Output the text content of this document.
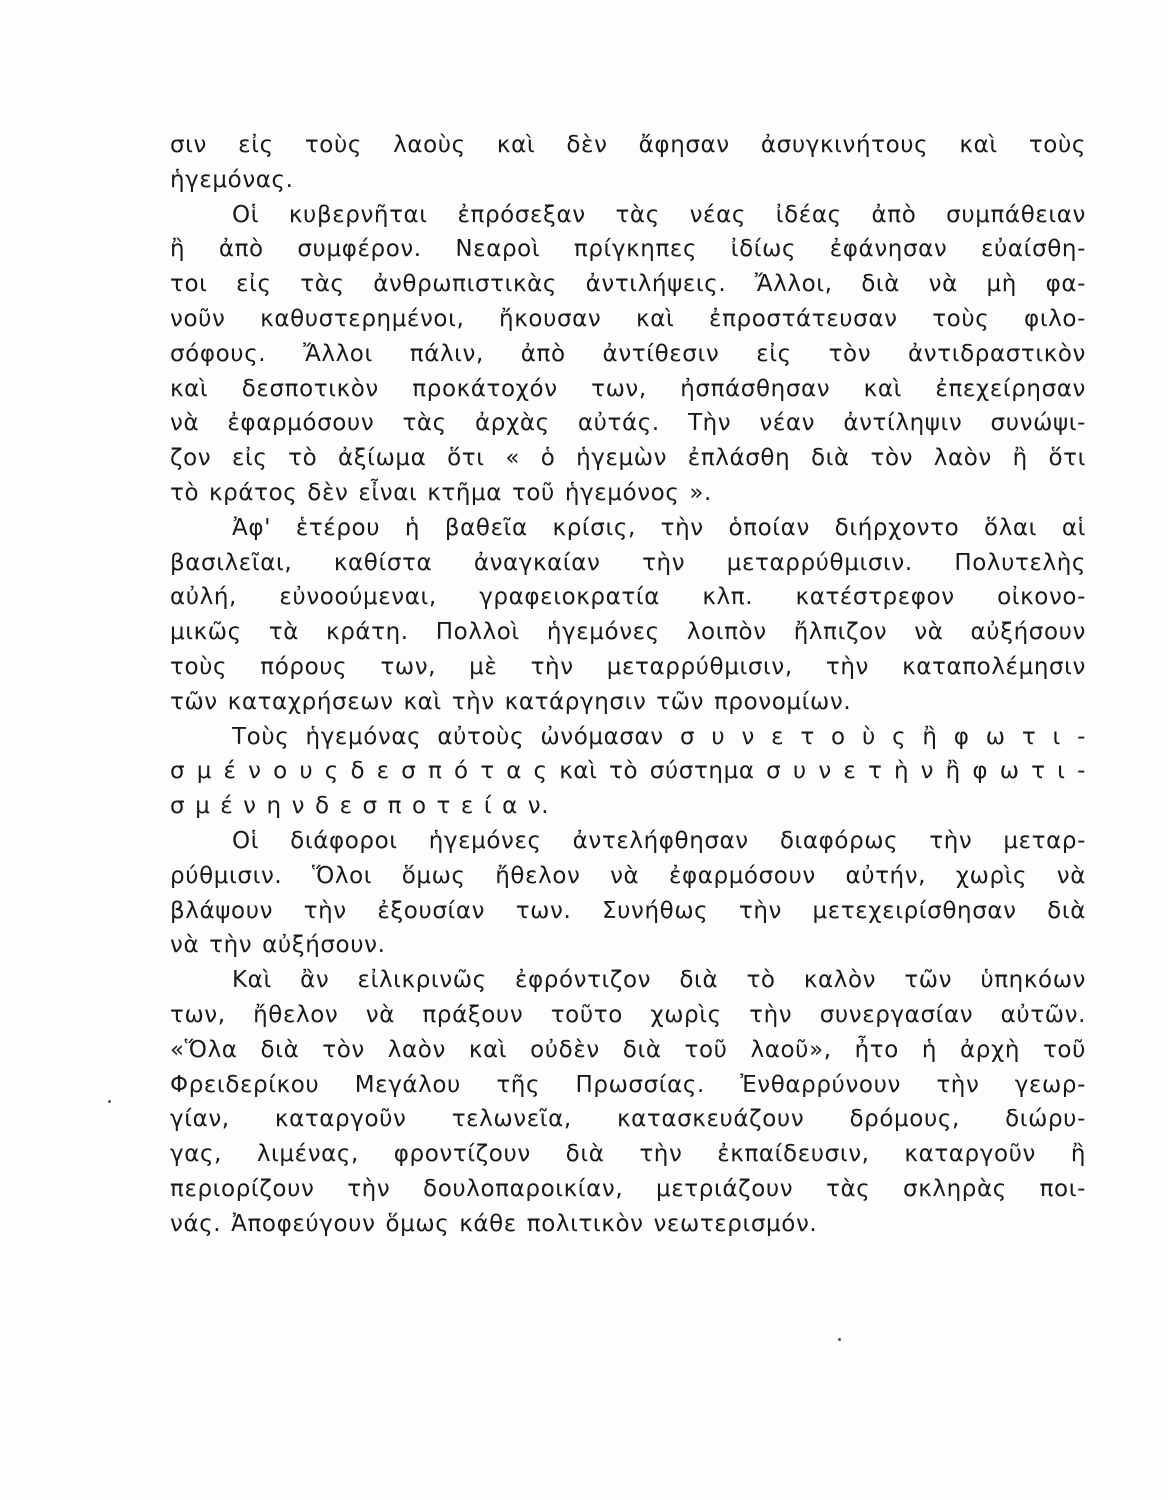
σιν εἰς τοὺς λαοὺς καὶ δὲν ἄφησαν ἀσυγκινήτους καὶ τοὺς
ἡγεμόνας.
Οἱ κυβερνῆται ἐπρόσεξαν τὰς νέας ἰδέας ἀπὸ συμπάθειαν
ἢ ἀπὸ συμφέρον. Νεαροὶ πρίγκηπες ἰδίως ἐφάνησαν εὐαίσθη-
τοι εἰς τὰς ἀνθρωπιστικὰς ἀντιλήψεις. Ἄλλοι, διὰ νὰ μὴ φα-
νοῦν καθυστερημένοι, ἤκουσαν καὶ ἐπροστάτευσαν τοὺς φιλο-
σόφους. Ἄλλοι πάλιν, ἀπὸ ἀντίθεσιν εἰς τὸν ἀντιδραστικὸν
καὶ δεσποτικὸν προκάτοχόν των, ἠσπάσθησαν καὶ ἐπεχείρησαν
νὰ ἐφαρμόσουν τὰς ἀρχὰς αὐτάς. Τὴν νέαν ἀντίληψιν συνώψι-
ζον εἰς τὸ ἀξίωμα ὅτι « ὁ ἡγεμὼν ἐπλάσθη διὰ τὸν λαὸν ἢ ὅτι
τὸ κράτος δὲν εἶναι κτῆμα τοῦ ἡγεμόνος ».
Ἀφ' ἑτέρου ἡ βαθεῖα κρίσις, τὴν ὁποίαν διήρχοντο ὅλαι αἱ
βασιλεῖαι, καθίστα ἀναγκαίαν τὴν μεταρρύθμισιν. Πολυτελὴς
αὐλή, εὐνοούμεναι, γραφειοκρατία κλπ. κατέστρεφον οἰκονο-
μικῶς τὰ κράτη. Πολλοὶ ἡγεμόνες λοιπὸν ἤλπιζον νὰ αὐξήσουν
τοὺς πόρους των, μὲ τὴν μεταρρύθμισιν, τὴν καταπολέμησιν
τῶν καταχρήσεων καὶ τὴν κατάργησιν τῶν προνομίων.
Τοὺς ἡγεμόνας αὐτοὺς ὠνόμασαν σ υ ν ε τ ο ὺ ς ἢ φ ω τ ι -
σ μ έ ν ο υ ς δ ε σ π ό τ α ς καὶ τὸ σύστημα σ υ ν ε τ ὴ ν ἢ φ ω τ ι -
σ μ έ ν η ν δ ε σ π ο τ ε ί α ν.
Οἱ διάφοροι ἡγεμόνες ἀντελήφθησαν διαφόρως τὴν μεταρ-
ρύθμισιν. Ὅλοι ὅμως ἤθελον νὰ ἐφαρμόσουν αὐτήν, χωρὶς νὰ
βλάψουν τὴν ἐξουσίαν των. Συνήθως τὴν μετεχειρίσθησαν διὰ
νὰ τὴν αὐξήσουν.
Καὶ ἂν εἰλικρινῶς ἐφρόντιζον διὰ τὸ καλὸν τῶν ὑπηκόων
των, ἤθελον νὰ πράξουν τοῦτο χωρὶς τὴν συνεργασίαν αὐτῶν.
«Ὅλα διὰ τὸν λαὸν καὶ οὐδὲν διὰ τοῦ λαοῦ», ἦτο ἡ ἀρχὴ τοῦ
Φρειδερίκου Μεγάλου τῆς Πρωσσίας. Ἐνθαρρύνουν τὴν γεωρ-
γίαν, καταργοῦν τελωνεῖα, κατασκευάζουν δρόμους, διώρυ-
γας, λιμένας, φροντίζουν διὰ τὴν ἐκπαίδευσιν, καταργοῦν ἢ
περιορίζουν τὴν δουλοπαροικίαν, μετριάζουν τὰς σκληρὰς ποι-
νάς. Ἀποφεύγουν ὅμως κάθε πολιτικὸν νεωτερισμόν.
